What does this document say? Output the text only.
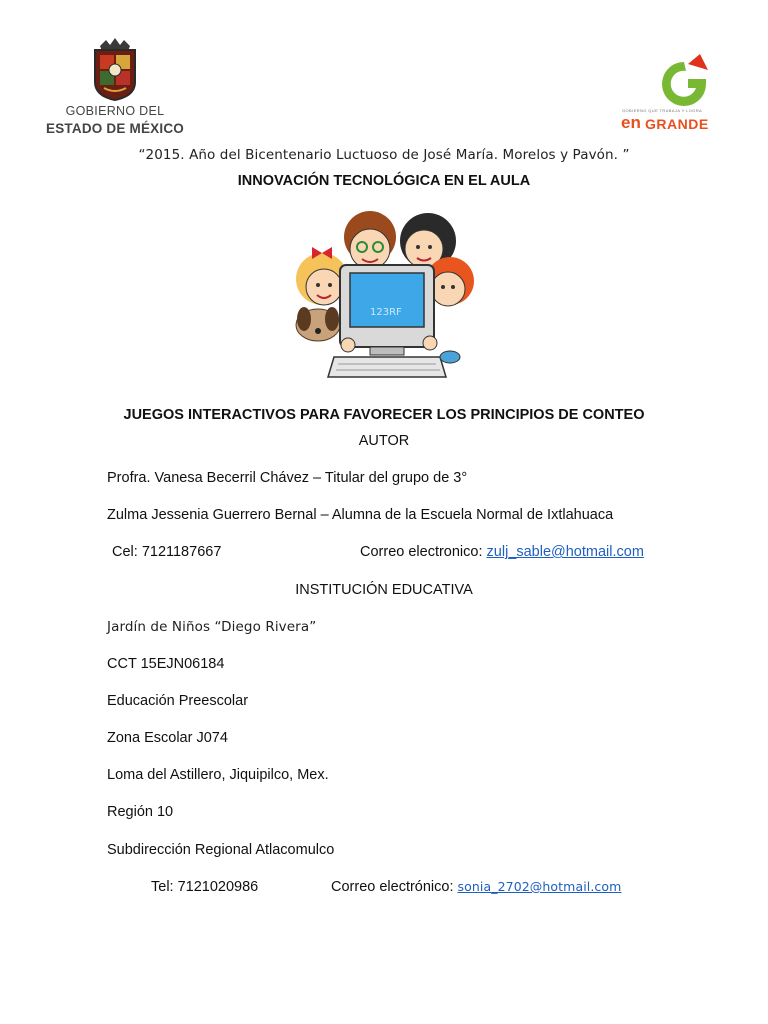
GOBIERNO DEL
ESTADO DE MÉXICO
GOBIERNO QUE TRABAJA Y LOGRA
en GRANDE
“2015. Año del Bicentenario Luctuoso de José María. Morelos y Pavón. ”
INNOVACIÓN TECNOLÓGICA EN EL AULA
123RF
JUEGOS INTERACTIVOS PARA FAVORECER LOS PRINCIPIOS DE CONTEO
AUTOR
Profra. Vanesa Becerril Chávez – Titular del grupo de 3°
Zulma Jessenia Guerrero Bernal – Alumna de la Escuela Normal de Ixtlahuaca
Cel: 7121187667	Correo electronico: zulj_sable@hotmail.com
INSTITUCIÓN EDUCATIVA
Jardín de Niños “Diego Rivera”
CCT 15EJN06184
Educación Preescolar
Zona Escolar J074
Loma del Astillero, Jiquipilco, Mex.
Región 10
Subdirección Regional Atlacomulco
Tel: 7121020986	Correo electrónico: sonia_2702@hotmail.com
